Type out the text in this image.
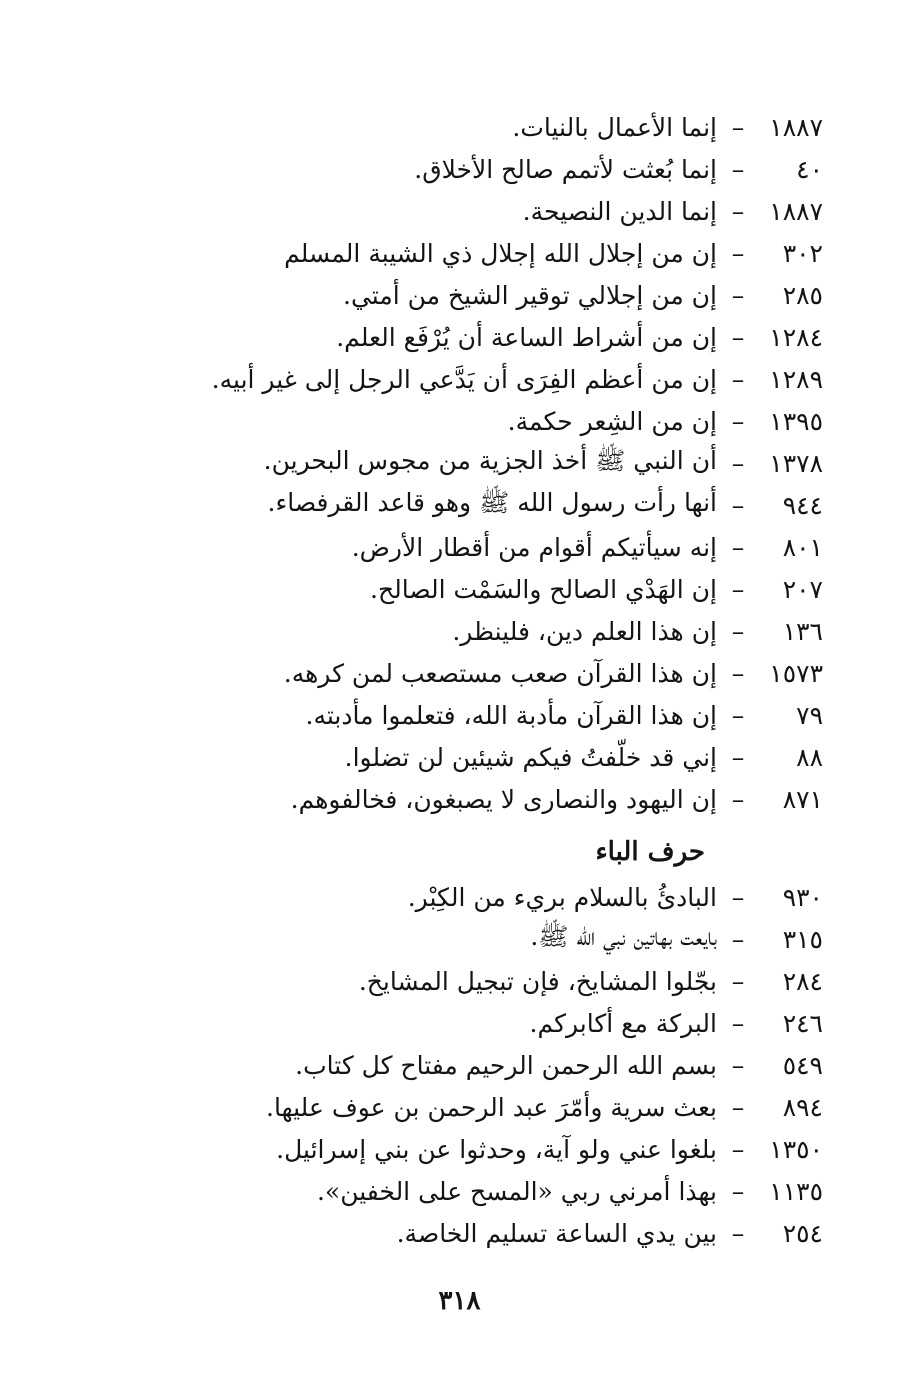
١٨٨٧
–
إنما الأعمال بالنيات.
٤٠
–
إنما بُعثت لأتمم صالح الأخلاق.
١٨٨٧
–
إنما الدين النصيحة.
٣٠٢
–
إن من إجلال الله إجلال ذي الشيبة المسلم
٢٨٥
–
إن من إجلالي توقير الشيخ من أمتي.
١٢٨٤
–
إن من أشراط الساعة أن يُرْفَع العلم.
١٢٨٩
–
إن من أعظم الفِرَى أن يَدَّعي الرجل إلى غير أبيه.
١٣٩٥
–
إن من الشِعر حكمة.
١٣٧٨
–
أن النبي ﷺ أخذ الجزية من مجوس البحرين.
٩٤٤
–
أنها رأت رسول الله ﷺ وهو قاعد القرفصاء.
٨٠١
–
إنه سيأتيكم أقوام من أقطار الأرض.
٢٠٧
–
إن الهَدْي الصالح والسَمْت الصالح.
١٣٦
–
إن هذا العلم دين، فلينظر.
١٥٧٣
–
إن هذا القرآن صعب مستصعب لمن كرهه.
٧٩
–
إن هذا القرآن مأدبة الله، فتعلموا مأدبته.
٨٨
–
إني قد خلّفتُ فيكم شيئين لن تضلوا.
٨٧١
–
إن اليهود والنصارى لا يصبغون، فخالفوهم.
حرف الباء
٩٣٠
–
البادئُ بالسلام بريء من الكِبْر.
٣١٥
–
بايعت بهاتين نبي الله ﷺ.
٢٨٤
–
بجّلوا المشايخ، فإن تبجيل المشايخ.
٢٤٦
–
البركة مع أكابركم.
٥٤٩
–
بسم الله الرحمن الرحيم مفتاح كل كتاب.
٨٩٤
–
بعث سرية وأمّرَ عبد الرحمن بن عوف عليها.
١٣٥٠
–
بلغوا عني ولو آية، وحدثوا عن بني إسرائيل.
١١٣٥
–
بهذا أمرني ربي «المسح على الخفين».
٢٥٤
–
بين يدي الساعة تسليم الخاصة.
٣١٨
